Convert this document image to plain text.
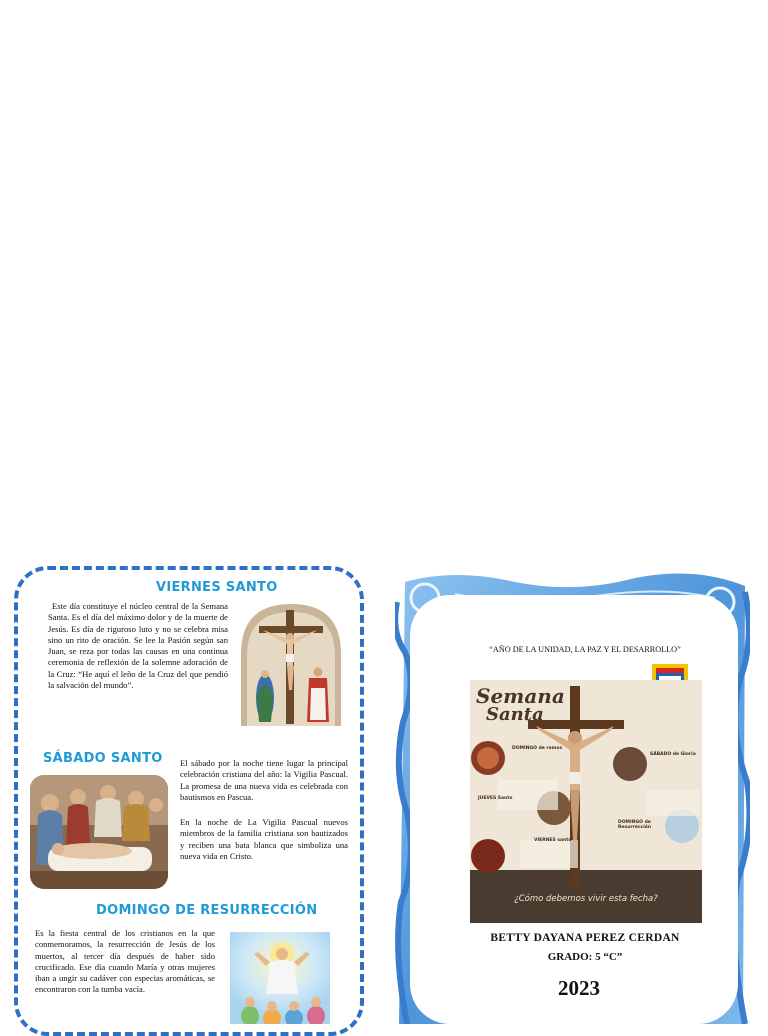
VIERNES SANTO

Este día constituye el núcleo central de la Semana Santa. Es el día del máximo dolor y de la muerte de Jesús. Es día de riguroso luto y no se celebra misa sino un rito de oración. Se lee la Pasión según san Juan, se reza por todas las causas en una continua ceremonia de reflexión de la solemne adoración de la Cruz: “He aquí el leño de la Cruz del que pendió la salvación del mundo”.

SÁBADO SANTO El sábado por la noche tiene lugar la principal celebración cristiana del año: la Vigilia Pascual. La promesa de una nueva vida es celebrada con bautismos en Pascua.

En la noche de La Vigilia Pascual nuevos miembros de la familia cristiana son bautizados y reciben una bata blanca que simboliza una nueva vida en Cristo.

DOMINGO DE RESURRECCIÓN

Es la fiesta central de los cristianos en la que conmemoramos, la resurrección de Jesús de los muertos, al tercer día después de haber sido crucificado. Ese día cuando María y otras mujeres iban a ungir su cadáver con especias aromáticas, se encontraron con la tumba vacía.

“AÑO DE LA UNIDAD, LA PAZ Y EL DESARROLLO”
Semana
Santa
DOMINGO de ramos
SÁBADO de Gloria
JUEVES Santo
DOMINGO de Resurrección
VIERNES santo
¿Cómo debemos vivir esta fecha?
BETTY DAYANA PEREZ CERDAN
GRADO: 5 “C”
2023
